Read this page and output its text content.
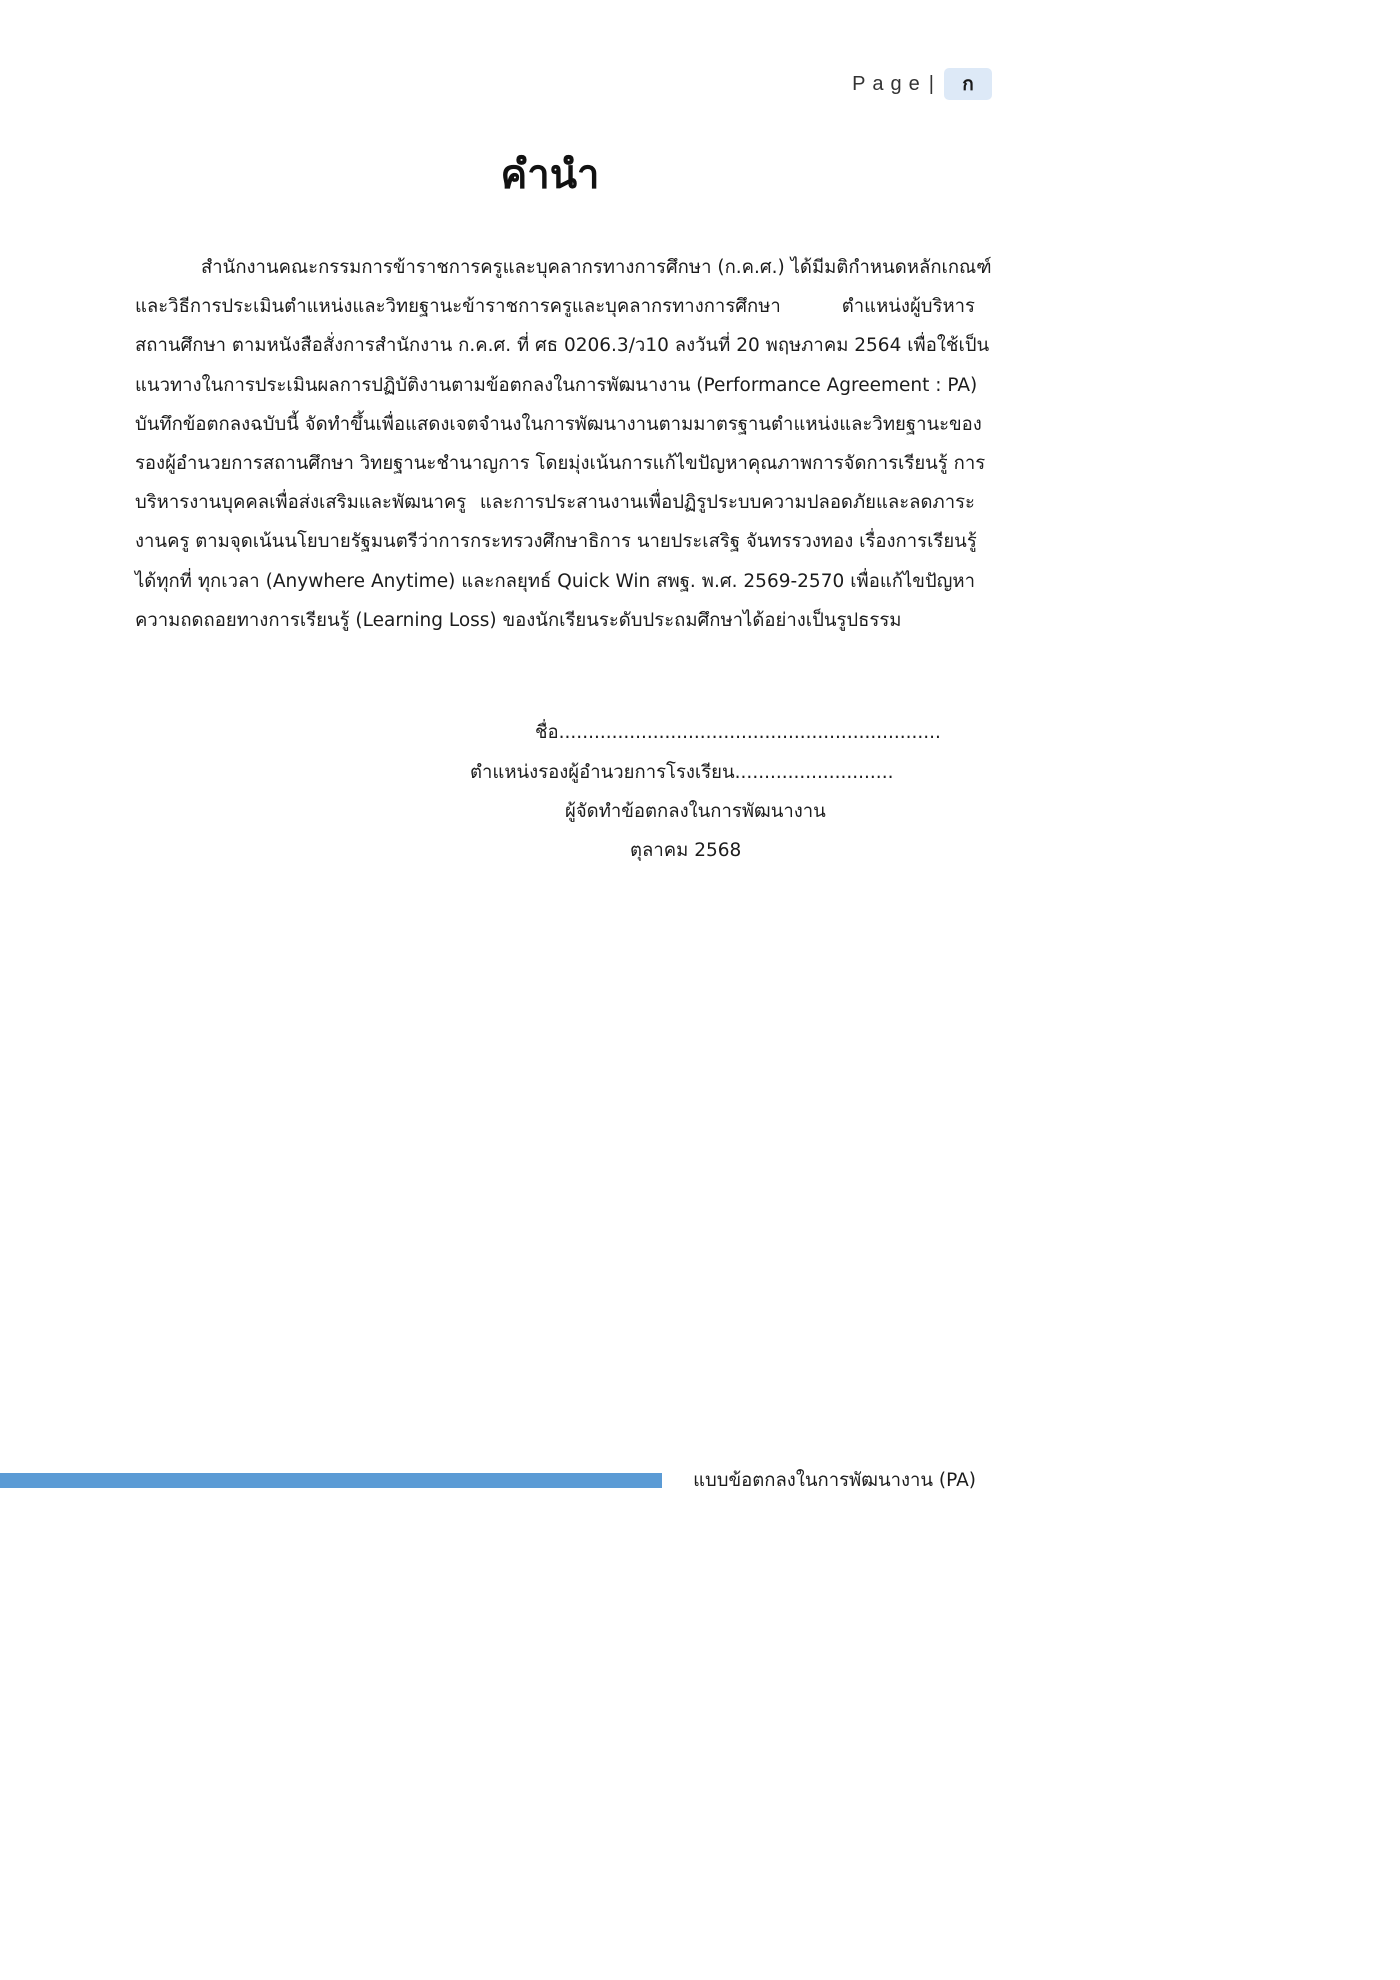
Page |	ก
คำนำ
สำนักงานคณะกรรมการข้าราชการครูและบุคลากรทางการศึกษา (ก.ค.ศ.) ได้มีมติกำหนดหลักเกณฑ์
และวิธีการประเมินตำแหน่งและวิทยฐานะข้าราชการครูและบุคลากรทางการศึกษา ตำแหน่งผู้บริหาร
สถานศึกษา ตามหนังสือสั่งการสำนักงาน ก.ค.ศ. ที่ ศธ 0206.3/ว10 ลงวันที่ 20 พฤษภาคม 2564 เพื่อใช้เป็น
แนวทางในการประเมินผลการปฏิบัติงานตามข้อตกลงในการพัฒนางาน (Performance Agreement : PA)
บันทึกข้อตกลงฉบับนี้ จัดทำขึ้นเพื่อแสดงเจตจำนงในการพัฒนางานตามมาตรฐานตำแหน่งและวิทยฐานะของ
รองผู้อำนวยการสถานศึกษา วิทยฐานะชำนาญการ โดยมุ่งเน้นการแก้ไขปัญหาคุณภาพการจัดการเรียนรู้ การ
บริหารงานบุคคลเพื่อส่งเสริมและพัฒนาครู และการประสานงานเพื่อปฏิรูประบบความปลอดภัยและลดภาระ
งานครู ตามจุดเน้นนโยบายรัฐมนตรีว่าการกระทรวงศึกษาธิการ นายประเสริฐ จันทรรวงทอง เรื่องการเรียนรู้
ได้ทุกที่ ทุกเวลา (Anywhere Anytime) และกลยุทธ์ Quick Win สพฐ. พ.ศ. 2569-2570 เพื่อแก้ไขปัญหา
ความถดถอยทางการเรียนรู้ (Learning Loss) ของนักเรียนระดับประถมศึกษาได้อย่างเป็นรูปธรรม
ชื่อ.................................................................
ตำแหน่งรองผู้อำนวยการโรงเรียน...........................
ผู้จัดทำข้อตกลงในการพัฒนางาน
ตุลาคม 2568
แบบข้อตกลงในการพัฒนางาน (PA)
